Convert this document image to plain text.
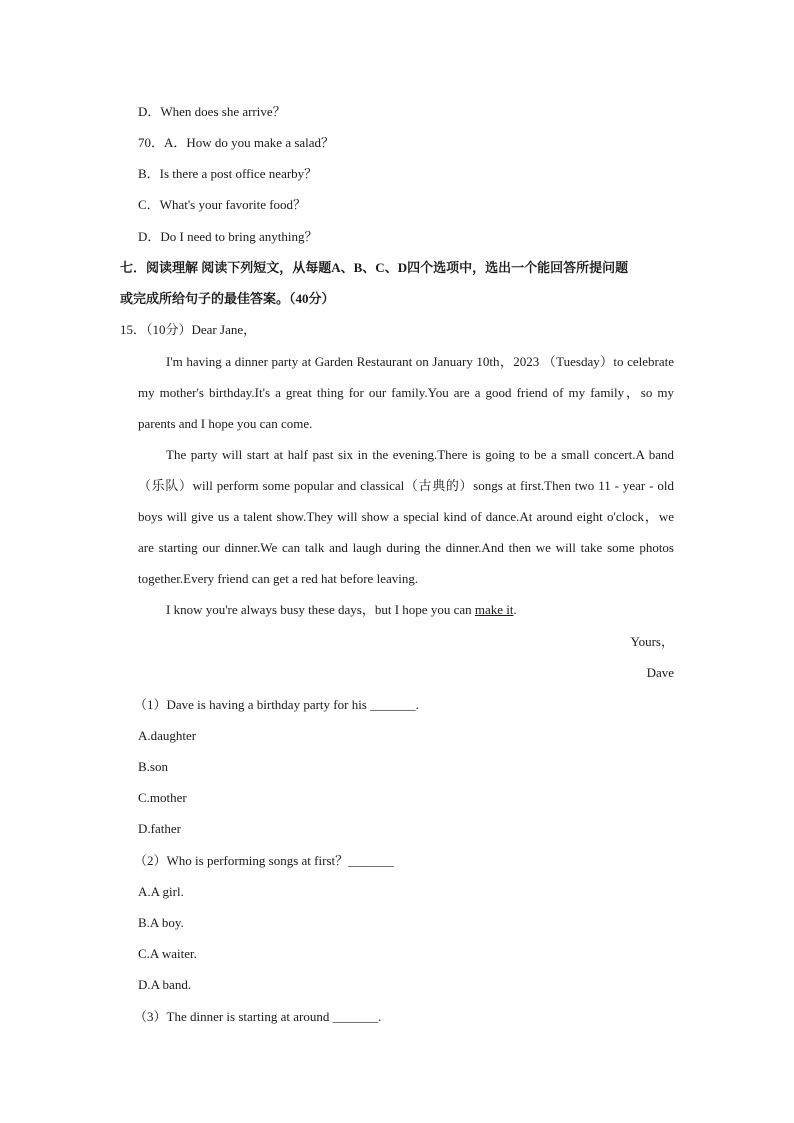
D．When does she arrive？
70．A．How do you make a salad？
B．Is there a post office nearby？
C．What's your favorite food？
D．Do I need to bring anything？
七．阅读理解 阅读下列短文，从每题A、B、C、D四个选项中，选出一个能回答所提问题
或完成所给句子的最佳答案。（40分）
15．（10分）Dear Jane，

I'm having a dinner party at Garden Restaurant on January 10th，2023 （Tuesday）to celebrate my mother's birthday.It's a great thing for our family.You are a good friend of my family，so my parents and I hope you can come.

The party will start at half past six in the evening.There is going to be a small concert.A band（乐队）will perform some popular and classical（古典的）songs at first.Then two 11 - year - old boys will give us a talent show.They will show a special kind of dance.At around eight o'clock，we are starting our dinner.We can talk and laugh during the dinner.And then we will take some photos together.Every friend can get a red hat before leaving.

I know you're always busy these days，but I hope you can make it.

Yours，
Dave
（1）Dave is having a birthday party for his _______.
A.daughter
B.son
C.mother
D.father
（2）Who is performing songs at first？_______
A.A girl.
B.A boy.
C.A waiter.
D.A band.
（3）The dinner is starting at around _______.
